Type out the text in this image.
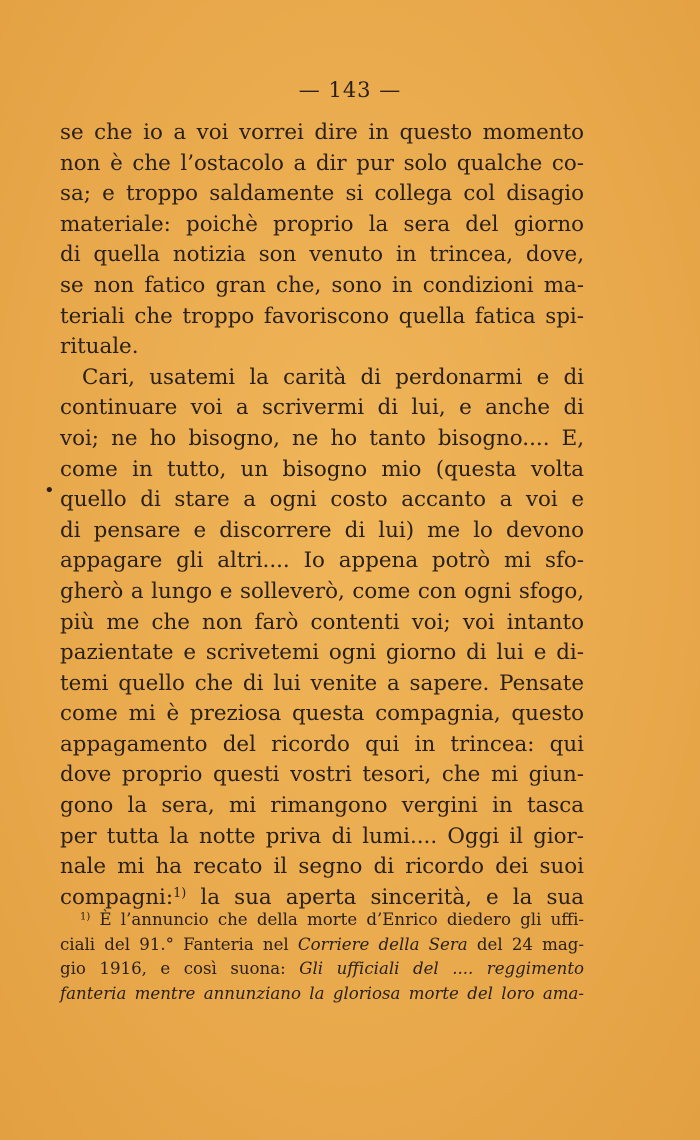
— 143 —
•
se che io a voi vorrei dire in questo momento
non è che l’ostacolo a dir pur solo qualche co-
sa; e troppo saldamente si collega col disagio
materiale: poichè proprio la sera del giorno
di quella notizia son venuto in trincea, dove,
se non fatico gran che, sono in condizioni ma-
teriali che troppo favoriscono quella fatica spi-
rituale.
Cari, usatemi la carità di perdonarmi e di
continuare voi a scrivermi di lui, e anche di
voi; ne ho bisogno, ne ho tanto bisogno.... E,
come in tutto, un bisogno mio (questa volta
quello di stare a ogni costo accanto a voi e
di pensare e discorrere di lui) me lo devono
appagare gli altri.... Io appena potrò mi sfo-
gherò a lungo e solleverò, come con ogni sfogo,
più me che non farò contenti voi; voi intanto
pazientate e scrivetemi ogni giorno di lui e di-
temi quello che di lui venite a sapere. Pensate
come mi è preziosa questa compagnia, questo
appagamento del ricordo qui in trincea: qui
dove proprio questi vostri tesori, che mi giun-
gono la sera, mi rimangono vergini in tasca
per tutta la notte priva di lumi.... Oggi il gior-
nale mi ha recato il segno di ricordo dei suoi
compagni:$^{1)}$ la sua aperta sincerità, e la sua
$^{1)}$ È l’annuncio che della morte d’Enrico diedero gli uffi-
ciali del 91.° Fanteria nel Corriere della Sera del 24 mag-
gio 1916, e così suona: Gli ufficiali del .... reggimento
fanteria mentre annunziano la gloriosa morte del loro ama-
